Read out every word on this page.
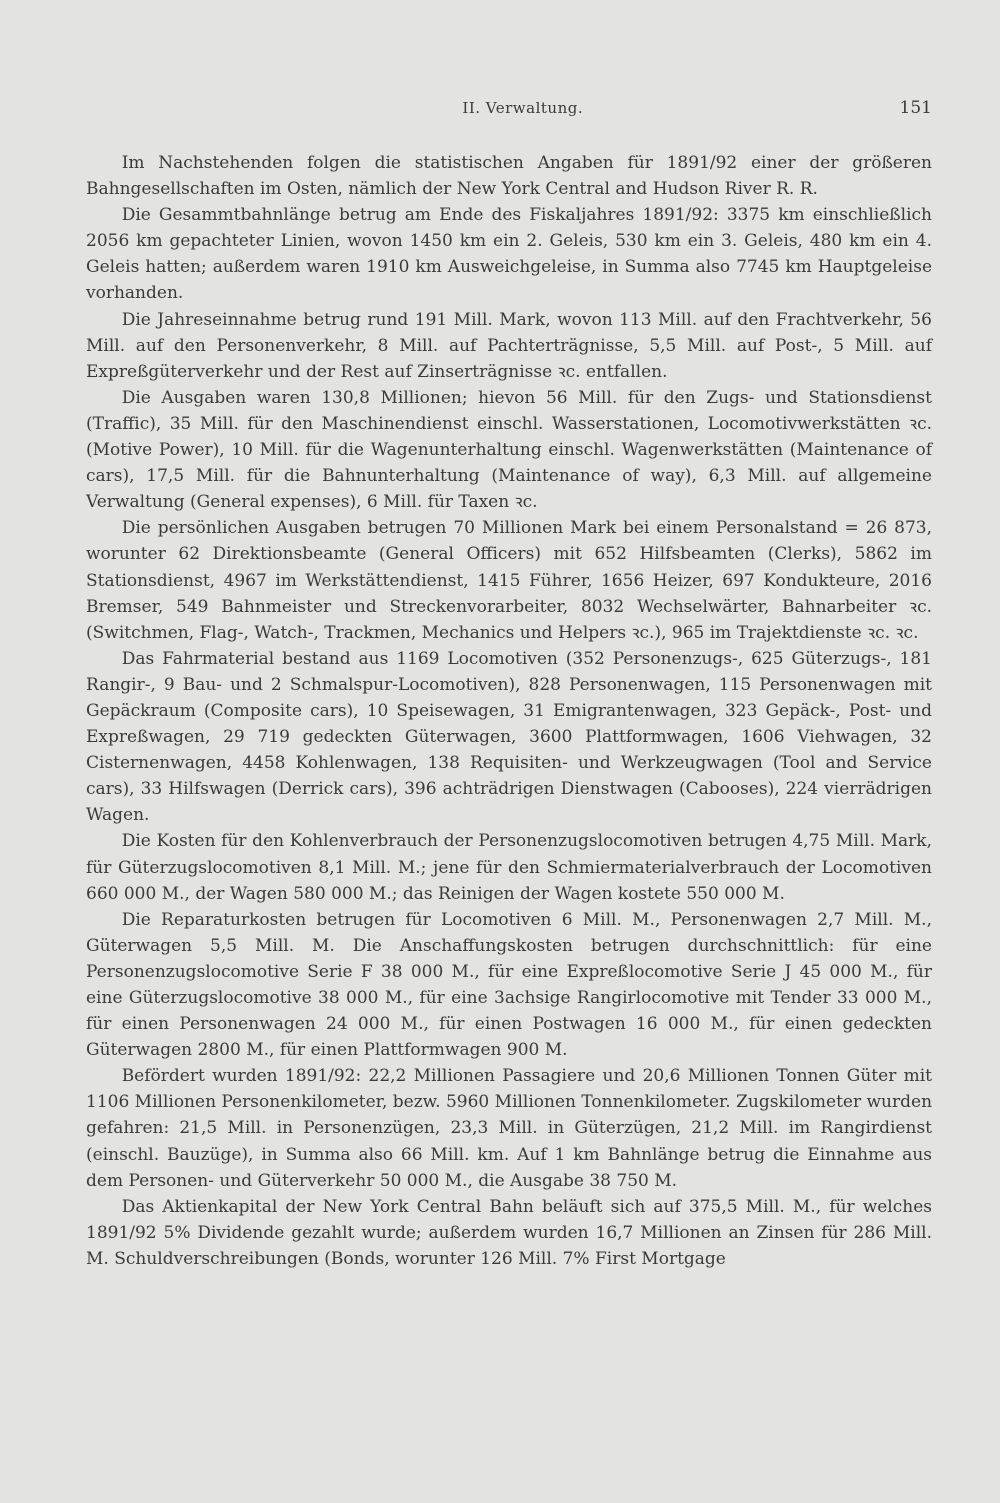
II. Verwaltung.	151

Im Nachstehenden folgen die statistischen Angaben für 1891/92 einer der größeren Bahngesellschaften im Osten, nämlich der New York Central and Hudson River R. R.

Die Gesammtbahnlänge betrug am Ende des Fiskaljahres 1891/92: 3375 km einschließlich 2056 km gepachteter Linien, wovon 1450 km ein 2. Geleis, 530 km ein 3. Geleis, 480 km ein 4. Geleis hatten; außerdem waren 1910 km Ausweichgeleise, in Summa also 7745 km Hauptgeleise vorhanden.

Die Jahreseinnahme betrug rund 191 Mill. Mark, wovon 113 Mill. auf den Frachtverkehr, 56 Mill. auf den Personenverkehr, 8 Mill. auf Pachterträgnisse, 5,5 Mill. auf Post-, 5 Mill. auf Expreßgüterverkehr und der Rest auf Zinserträgnisse ꝛc. entfallen.

Die Ausgaben waren 130,8 Millionen; hievon 56 Mill. für den Zugs- und Stationsdienst (Traffic), 35 Mill. für den Maschinendienst einschl. Wasserstationen, Locomotivwerkstätten ꝛc. (Motive Power), 10 Mill. für die Wagenunterhaltung einschl. Wagenwerkstätten (Maintenance of cars), 17,5 Mill. für die Bahnunterhaltung (Maintenance of way), 6,3 Mill. auf allgemeine Verwaltung (General expenses), 6 Mill. für Taxen ꝛc.

Die persönlichen Ausgaben betrugen 70 Millionen Mark bei einem Personalstand = 26 873, worunter 62 Direktionsbeamte (General Officers) mit 652 Hilfsbeamten (Clerks), 5862 im Stationsdienst, 4967 im Werkstättendienst, 1415 Führer, 1656 Heizer, 697 Kondukteure, 2016 Bremser, 549 Bahnmeister und Streckenvorarbeiter, 8032 Wechselwärter, Bahnarbeiter ꝛc. (Switchmen, Flag-, Watch-, Trackmen, Mechanics und Helpers ꝛc.), 965 im Trajektdienste ꝛc. ꝛc.

Das Fahrmaterial bestand aus 1169 Locomotiven (352 Personenzugs-, 625 Güterzugs-, 181 Rangir-, 9 Bau- und 2 Schmalspur-Locomotiven), 828 Personenwagen, 115 Personenwagen mit Gepäckraum (Composite cars), 10 Speisewagen, 31 Emigrantenwagen, 323 Gepäck-, Post- und Expreßwagen, 29 719 gedeckten Güterwagen, 3600 Plattformwagen, 1606 Viehwagen, 32 Cisternenwagen, 4458 Kohlenwagen, 138 Requisiten- und Werkzeugwagen (Tool and Service cars), 33 Hilfswagen (Derrick cars), 396 achträdrigen Dienstwagen (Cabooses), 224 vierrädrigen Wagen.

Die Kosten für den Kohlenverbrauch der Personenzugslocomotiven betrugen 4,75 Mill. Mark, für Güterzugslocomotiven 8,1 Mill. M.; jene für den Schmiermaterialverbrauch der Locomotiven 660 000 M., der Wagen 580 000 M.; das Reinigen der Wagen kostete 550 000 M.

Die Reparaturkosten betrugen für Locomotiven 6 Mill. M., Personenwagen 2,7 Mill. M., Güterwagen 5,5 Mill. M. Die Anschaffungskosten betrugen durchschnittlich: für eine Personenzugslocomotive Serie F 38 000 M., für eine Expreßlocomotive Serie J 45 000 M., für eine Güterzugslocomotive 38 000 M., für eine 3achsige Rangirlocomotive mit Tender 33 000 M., für einen Personenwagen 24 000 M., für einen Postwagen 16 000 M., für einen gedeckten Güterwagen 2800 M., für einen Plattformwagen 900 M.

Befördert wurden 1891/92: 22,2 Millionen Passagiere und 20,6 Millionen Tonnen Güter mit 1106 Millionen Personenkilometer, bezw. 5960 Millionen Tonnenkilometer. Zugskilometer wurden gefahren: 21,5 Mill. in Personenzügen, 23,3 Mill. in Güterzügen, 21,2 Mill. im Rangirdienst (einschl. Bauzüge), in Summa also 66 Mill. km. Auf 1 km Bahnlänge betrug die Einnahme aus dem Personen- und Güterverkehr 50 000 M., die Ausgabe 38 750 M.

Das Aktienkapital der New York Central Bahn beläuft sich auf 375,5 Mill. M., für welches 1891/92 5% Dividende gezahlt wurde; außerdem wurden 16,7 Millionen an Zinsen für 286 Mill. M. Schuldverschreibungen (Bonds, worunter 126 Mill. 7% First Mortgage
